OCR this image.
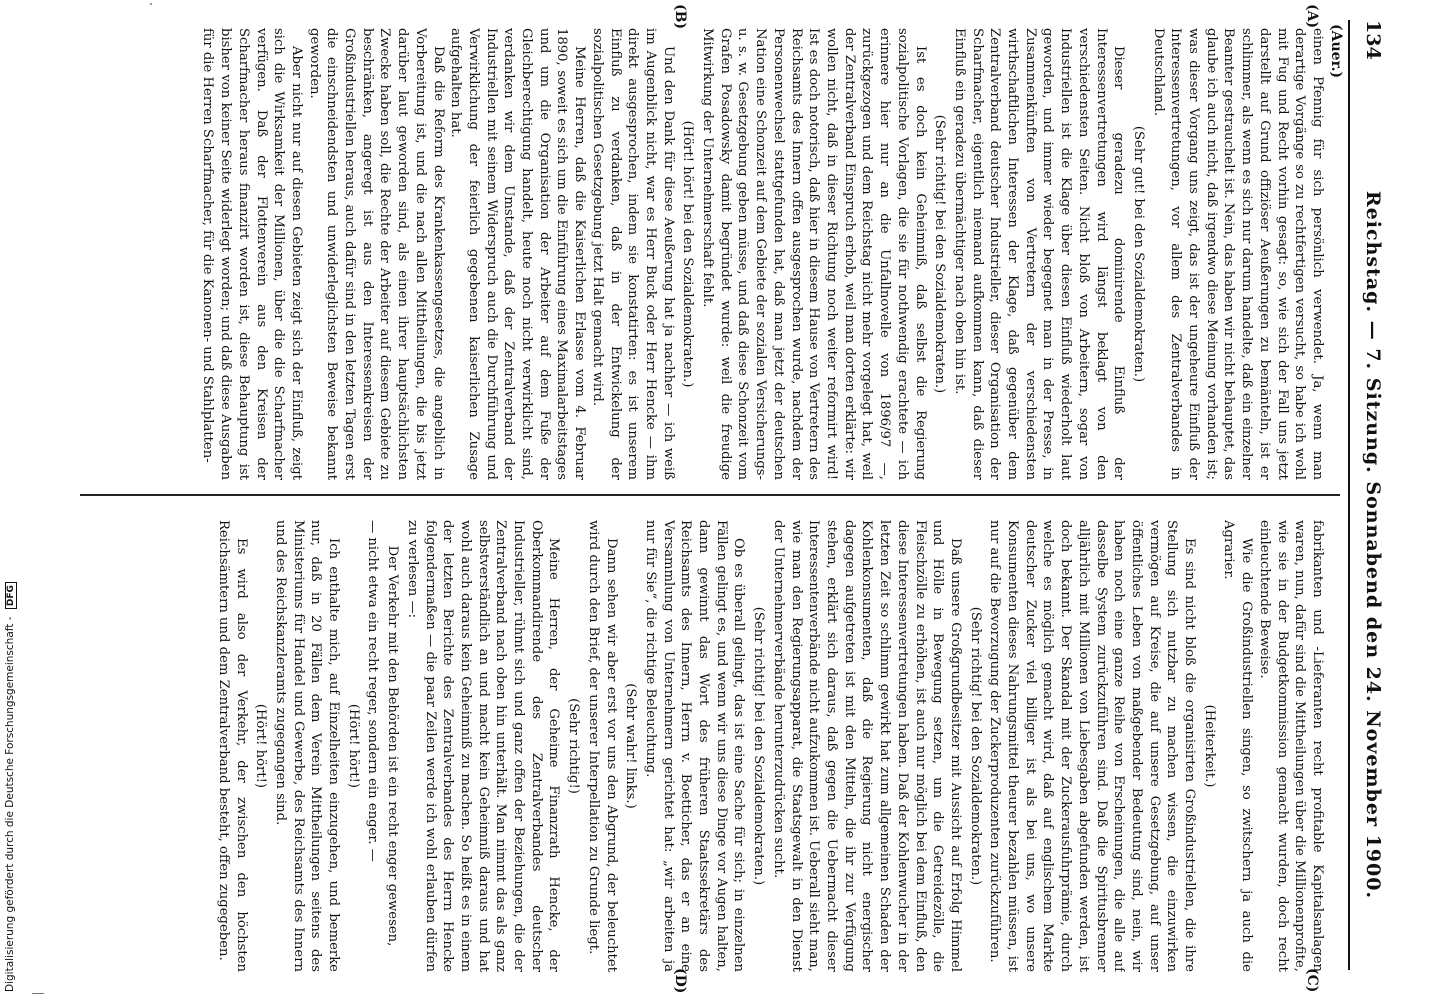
134
Reichstag. — 7. Sitzung. Sonnabend den 24. November 1900.
(Auer.)
(A)
(B)
(C)
(D)

einen Pfennig für sich persönlich verwendet. Ja, wenn man derartige Vorgänge so zu rechtfertigen versucht, so habe ich wohl mit Fug und Recht vorhin gesagt: so, wie sich der Fall uns jetzt darstellt auf Grund offiziöser Aeußerungen zu bemänteln, ist er schlimmer, als wenn es sich nur darum handelte, daß ein einzelner Beamter gestrauchelt ist. Nein, das haben wir nicht behauptet, das glaube ich auch nicht, daß irgendwo diese Meinung vorhanden ist; was dieser Vorgang uns zeigt, das ist der ungeheure Einfluß der Interessenvertretungen, vor allem des Zentralverbandes in Deutschland.

(Sehr gut! bei den Sozialdemokraten.)

Dieser geradezu dominirende Einfluß der Interessenvertretungen wird längst beklagt von den verschiedensten Seiten. Nicht bloß von Arbeitern, sogar von Industriellen ist die Klage über diesen Einfluß wiederholt laut geworden, und immer wieder begegnet man in der Presse, in Zusammenkünften von Vertretern der verschiedensten wirthschaftlichen Interessen der Klage, daß gegenüber dem Zentralverband deutscher Industrieller, dieser Organisation der Scharfmacher, eigentlich niemand aufkommen kann, daß dieser Einfluß ein geradezu übermächtiger nach oben hin ist.

(Sehr richtig! bei den Sozialdemokraten.)

Ist es doch kein Geheimniß, daß selbst die Regierung sozialpolitische Vorlagen, die sie für nothwendig erachtete — ich erinnere hier nur an die Unfallnovelle von 1896/97 —, zurückgezogen und dem Reichstag nicht mehr vorgelegt hat, weil der Zentralverband Einspruch erhob, weil man dorten erklärte: wir wollen nicht, daß in dieser Richtung noch weiter reformirt wird! Ist es doch notorisch, daß hier in diesem Hause von Vertretern des Reichsamts des Innern offen ausgesprochen wurde, nachdem der Personenwechsel stattgefunden hat, daß man jetzt der deutschen Nation eine Schonzeit auf dem Gebiete der sozialen Versicherungs- u. s. w. Gesetzgebung geben müsse, und daß diese Schonzeit vom Grafen Posadowsky damit begründet wurde: weil die freudige Mitwirkung der Unternehmerschaft fehlt.

(Hört! hört! bei den Sozialdemokraten.)

Und den Dank für diese Aeußerung hat ja nachher — ich weiß im Augenblick nicht, war es Herr Buck oder Herr Hencke — ihm direkt ausgesprochen, indem sie konstatirten: es ist unserem Einfluß zu verdanken, daß in der Entwickelung der sozialpolitischen Gesetzgebung jetzt Halt gemacht wird.

Meine Herren, daß die Kaiserlichen Erlasse vom 4. Februar 1890, soweit es sich um die Einführung eines Maximalarbeitstages und um die Organisation der Arbeiter auf dem Fuße der Gleichberechtigung handelt, heute noch nicht verwirklicht sind, verdanken wir dem Umstande, daß der Zentralverband der Industriellen mit seinem Widerspruch auch die Durchführung und Verwirklichung der feierlich gegebenen kaiserlichen Zusage aufgehalten hat.

Daß die Reform des Krankenkassengesetzes, die angeblich in Vorbereitung ist, und die nach allen Mittheilungen, die bis jetzt darüber laut geworden sind, als einen ihrer hauptsächlichsten Zwecke haben soll, die Rechte der Arbeiter auf diesem Gebiete zu beschränken, angeregt ist aus den Interessenkreisen der Großindustriellen heraus, auch dafür sind in den letzten Tagen erst die einschneidendsten und unwiderleglichsten Beweise bekannt geworden.

Aber nicht nur auf diesen Gebieten zeigt sich der Einfluß, zeigt sich die Wirksamkeit der Millionen, über die die Scharfmacher verfügen. Daß der Flottenverein aus den Kreisen der Scharfmacher heraus finanzirt worden ist, diese Behauptung ist bisher von keiner Seite widerlegt worden; und daß diese Ausgaben für die Herren Scharfmacher, für die Kanonen- und Stahlplatten-

fabrikanten und -Lieferanten recht profitable Kapitalsanlagen waren, nun, dafür sind die Mittheilungen über die Millionenprofite, wie sie in der Budgetkommission gemacht wurden, doch recht einleuchtende Beweise.

Wie die Großindustriellen singen, so zwitschern ja auch die Agrarier.

(Heiterkeit.)

Es sind nicht bloß die organisirten Großindustriellen, die ihre Stellung sich nutzbar zu machen wissen, die einzuwirken vermögen auf Kreise, die auf unsere Gesetzgebung, auf unser öffentliches Leben von maßgebender Bedeutung sind, nein, wir haben noch eine ganze Reihe von Erscheinungen, die alle auf dasselbe System zurückzuführen sind. Daß die Spiritusbrenner alljährlich mit Millionen von Liebesgaben abgefunden werden, ist doch bekannt. Der Skandal mit der Zuckerausfuhrprämie, durch welche es möglich gemacht wird, daß auf englischem Markte deutscher Zucker viel billiger ist als bei uns, wo unsere Konsumenten dieses Nahrungsmittel theurer bezahlen müssen, ist nur auf die Bevorzugung der Zuckerproduzenten zurückzuführen.

(Sehr richtig! bei den Sozialdemokraten.)

Daß unsere Großgrundbesitzer mit Aussicht auf Erfolg Himmel und Hölle in Bewegung setzen, um die Getreidezölle, die Fleischzölle zu erhöhen, ist auch nur möglich bei dem Einfluß, den diese Interessenvertretungen haben. Daß der Kohlenwucher in der letzten Zeit so schlimm gewirkt hat zum allgemeinen Schaden der Kohlenkonsumenten, daß die Regierung nicht energischer dagegen aufgetreten ist mit den Mitteln, die ihr zur Verfügung stehen, erklärt sich daraus, daß gegen die Uebermacht dieser Interessentenverbände nicht aufzukommen ist. Ueberall sieht man, wie man den Regierungsapparat, die Staatsgewalt in den Dienst der Unternehmerverbände herunterzudrücken sucht.

(Sehr richtig! bei den Sozialdemokraten.)

Ob es überall gelingt, das ist eine Sache für sich; in einzelnen Fällen gelingt es, und wenn wir uns diese Dinge vor Augen halten, dann gewinnt das Wort des früheren Staatssekretärs des Reichsamts des Innern, Herrn v. Boetticher, das er an eine Versammlung von Unternehmern gerichtet hat: „wir arbeiten ja nur für Sie“, die richtige Beleuchtung.

(Sehr wahr! links.)

Dann sehen wir aber erst vor uns den Abgrund, der beleuchtet wird durch den Brief, der unserer Interpellation zu Grunde liegt.

(Sehr richtig!)

Meine Herren, der Geheime Finanzrath Hencke, der Oberkommandirende des Zentralverbandes deutscher Industrieller, rühmt sich und ganz offen der Beziehungen, die der Zentralverband nach oben hin unterhält. Man nimmt das als ganz selbstverständlich an und macht kein Geheimniß daraus und hat wohl auch daraus kein Geheimniß zu machen. So heißt es in einem der letzten Berichte des Zentralverbandes des Herrn Hencke folgendermaßen — die paar Zeilen werde ich wohl erlauben dürfen zu verlesen —:

Der Verkehr mit den Behörden ist ein recht enger gewesen,

— nicht etwa ein recht reger, sondern ein enger. —

(Hört! hört!)

Ich enthalte mich, auf Einzelheiten einzugehen, und bemerke nur, daß in 20 Fällen dem Verein Mittheilungen seitens des Ministeriums für Handel und Gewerbe, des Reichsamts des Innern und des Reichskanzleramts zugegangen sind.

(Hört! hört!)

Es wird also der Verkehr, der zwischen den höchsten Reichsämtern und dem Zentralverband besteht, offen zugegeben.

Digitalisierung gefördert durch die Deutsche Forschungsgemeinschaft - DFG
